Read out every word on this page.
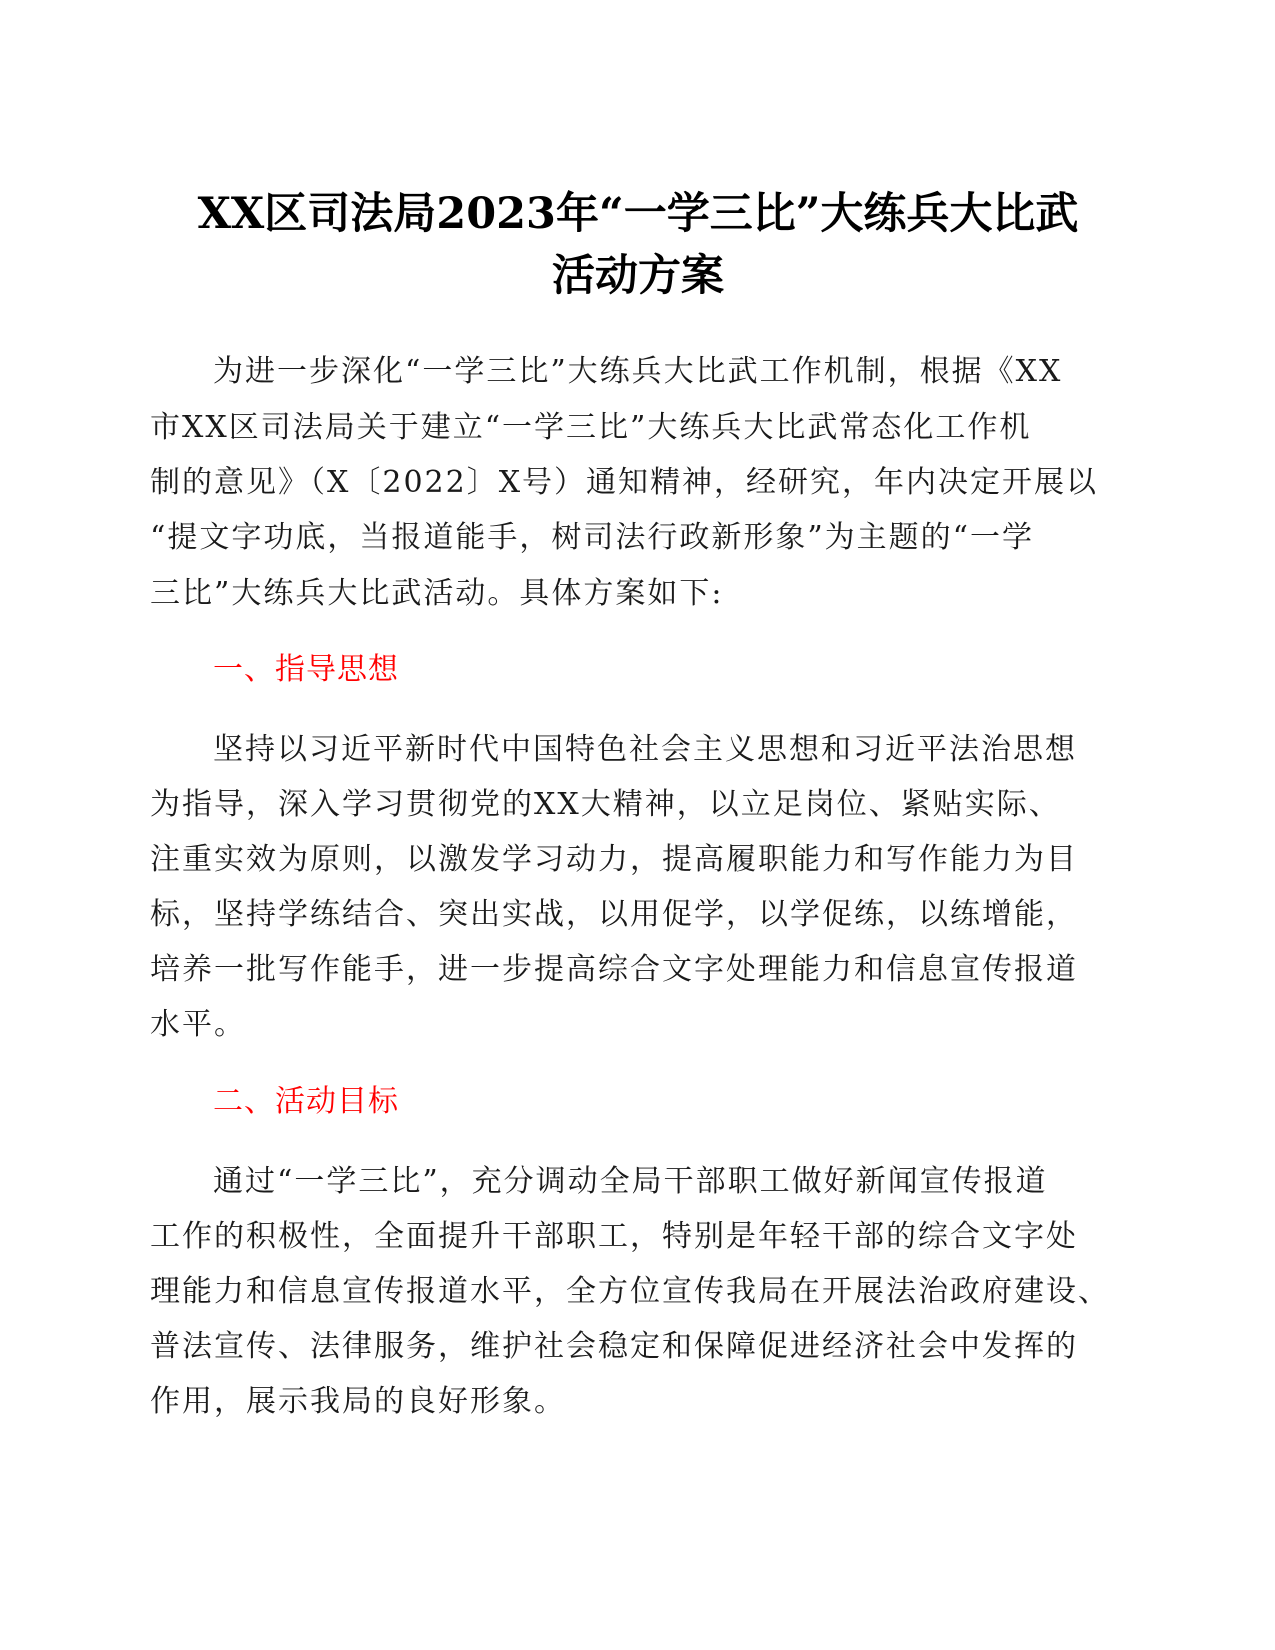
XX区司法局2023年“一学三比”大练兵大比武
活动方案
为进一步深化“一学三比”大练兵大比武工作机制，根据《XX
市XX区司法局关于建立“一学三比”大练兵大比武常态化工作机
制的意见》（X〔2022〕X号）通知精神，经研究，年内决定开展以
“提文字功底，当报道能手，树司法行政新形象”为主题的“一学
三比”大练兵大比武活动。具体方案如下:
一、指导思想
坚持以习近平新时代中国特色社会主义思想和习近平法治思想
为指导，深入学习贯彻党的XX大精神，以立足岗位、紧贴实际、
注重实效为原则，以激发学习动力，提高履职能力和写作能力为目
标，坚持学练结合、突出实战，以用促学，以学促练，以练增能，
培养一批写作能手，进一步提高综合文字处理能力和信息宣传报道
水平。
二、活动目标
通过“一学三比”，充分调动全局干部职工做好新闻宣传报道
工作的积极性，全面提升干部职工，特别是年轻干部的综合文字处
理能力和信息宣传报道水平，全方位宣传我局在开展法治政府建设、
普法宣传、法律服务，维护社会稳定和保障促进经济社会中发挥的
作用，展示我局的良好形象。
